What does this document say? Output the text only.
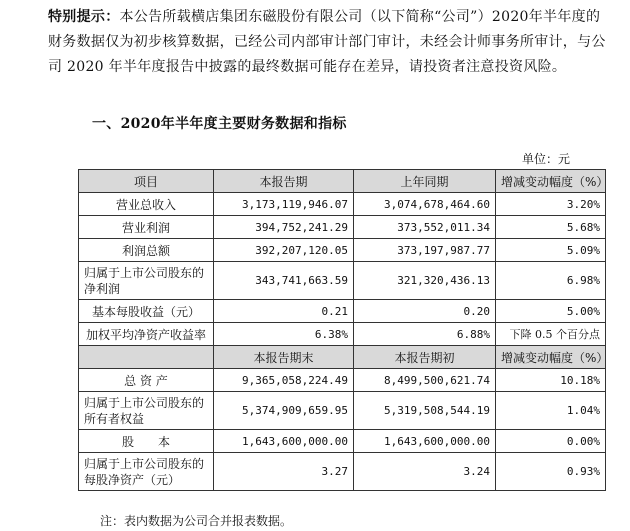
特别提示：本公告所载横店集团东磁股份有限公司（以下简称“公司”）2020年半年度的财务数据仅为初步核算数据，已经公司内部审计部门审计，未经会计师事务所审计，与公司 2020 年半年度报告中披露的最终数据可能存在差异，请投资者注意投资风险。
一、2020年半年度主要财务数据和指标
单位：元
项目	本报告期	上年同期	增减变动幅度（%）
营业总收入	3,173,119,946.07	3,074,678,464.60	3.20%
营业利润	394,752,241.29	373,552,011.34	5.68%
利润总额	392,207,120.05	373,197,987.77	5.09%
归属于上市公司股东的净利润	343,741,663.59	321,320,436.13	6.98%
基本每股收益（元）	0.21	0.20	5.00%
加权平均净资产收益率	6.38%	6.88%	下降 0.5 个百分点
	本报告期末	本报告期初	增减变动幅度（%）
总 资 产	9,365,058,224.49	8,499,500,621.74	10.18%
归属于上市公司股东的所有者权益	5,374,909,659.95	5,319,508,544.19	1.04%
股　　本	1,643,600,000.00	1,643,600,000.00	0.00%
归属于上市公司股东的每股净资产（元）	3.27	3.24	0.93%
注：表内数据为公司合并报表数据。
